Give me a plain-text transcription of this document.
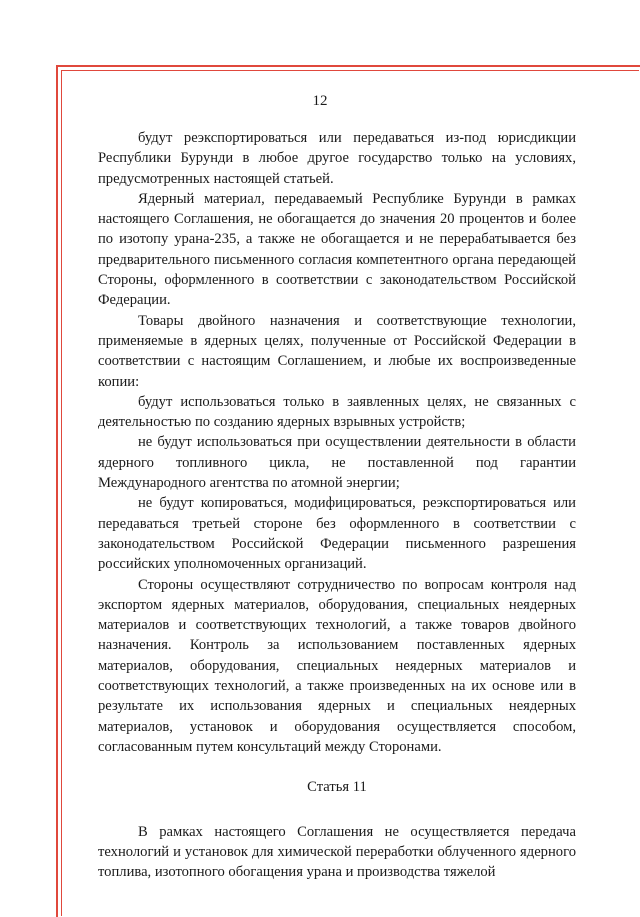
12

будут реэкспортироваться или передаваться из-под юрисдикции Республики Бурунди в любое другое государство только на условиях, предусмотренных настоящей статьей.

Ядерный материал, передаваемый Республике Бурунди в рамках настоящего Соглашения, не обогащается до значения 20 процентов и более по изотопу урана-235, а также не обогащается и не перерабатывается без предварительного письменного согласия компетентного органа передающей Стороны, оформленного в соответствии с законодательством Российской Федерации.

Товары двойного назначения и соответствующие технологии, применяемые в ядерных целях, полученные от Российской Федерации в соответствии с настоящим Соглашением, и любые их воспроизведенные копии:

будут использоваться только в заявленных целях, не связанных с деятельностью по созданию ядерных взрывных устройств;

не будут использоваться при осуществлении деятельности в области ядерного топливного цикла, не поставленной под гарантии Международного агентства по атомной энергии;

не будут копироваться, модифицироваться, реэкспортироваться или передаваться третьей стороне без оформленного в соответствии с законодательством Российской Федерации письменного разрешения российских уполномоченных организаций.

Стороны осуществляют сотрудничество по вопросам контроля над экспортом ядерных материалов, оборудования, специальных неядерных материалов и соответствующих технологий, а также товаров двойного назначения. Контроль за использованием поставленных ядерных материалов, оборудования, специальных неядерных материалов и соответствующих технологий, а также произведенных на их основе или в результате их использования ядерных и специальных неядерных материалов, установок и оборудования осуществляется способом, согласованным путем консультаций между Сторонами.

Статья 11

В рамках настоящего Соглашения не осуществляется передача технологий и установок для химической переработки облученного ядерного топлива, изотопного обогащения урана и производства тяжелой
